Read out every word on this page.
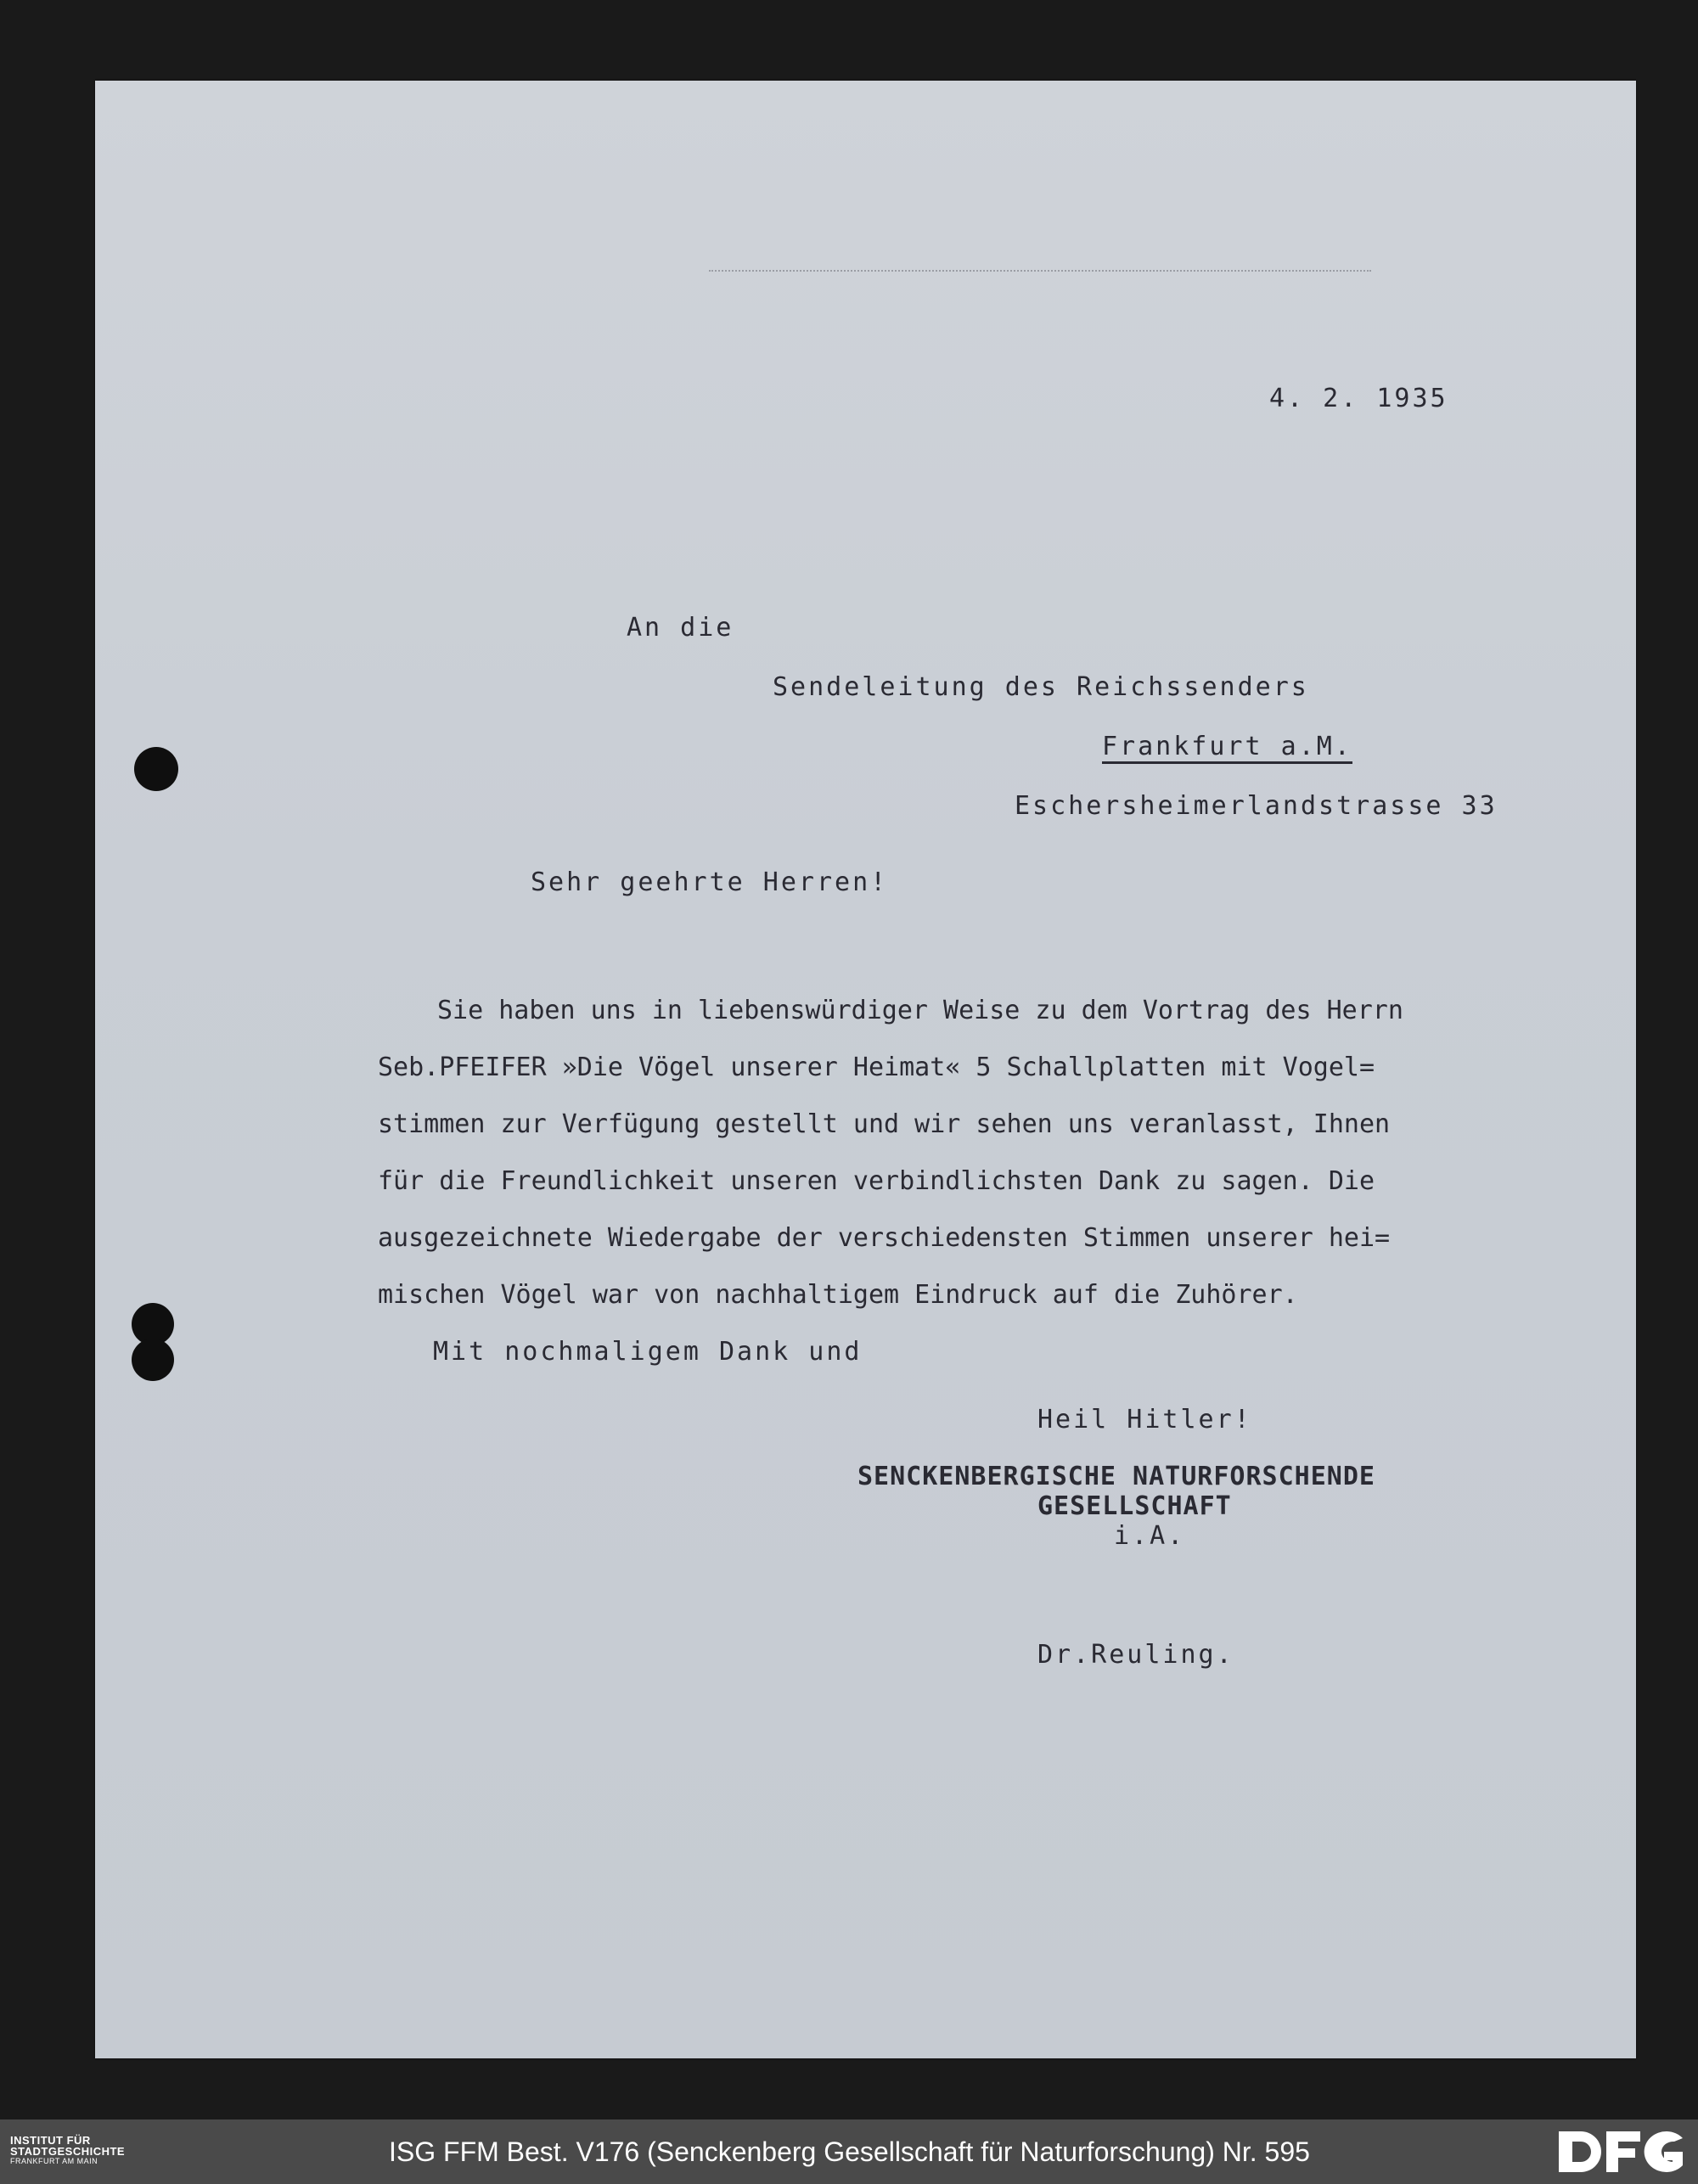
4. 2. 1935
An die
Sendeleitung des Reichssenders
Frankfurt a.M.
Eschersheimerlandstrasse 33
Sehr geehrte Herren!
Sie haben uns in liebenswürdiger Weise zu dem Vortrag des Herrn
Seb.PFEIFER »Die Vögel unserer Heimat« 5 Schallplatten mit Vogel=
stimmen zur Verfügung gestellt und wir sehen uns veranlasst, Ihnen
für die Freundlichkeit unseren verbindlichsten Dank zu sagen. Die
ausgezeichnete Wiedergabe der verschiedensten Stimmen unserer hei=
mischen Vögel war von nachhaltigem Eindruck auf die Zuhörer.
Mit nochmaligem Dank und
Heil Hitler!
SENCKENBERGISCHE NATURFORSCHENDE
GESELLSCHAFT
i.A.
Dr.Reuling.
INSTITUT FÜR
STADTGESCHICHTE
FRANKFURT AM MAIN	ISG FFM Best. V176 (Senckenberg Gesellschaft für Naturforschung) Nr. 595
